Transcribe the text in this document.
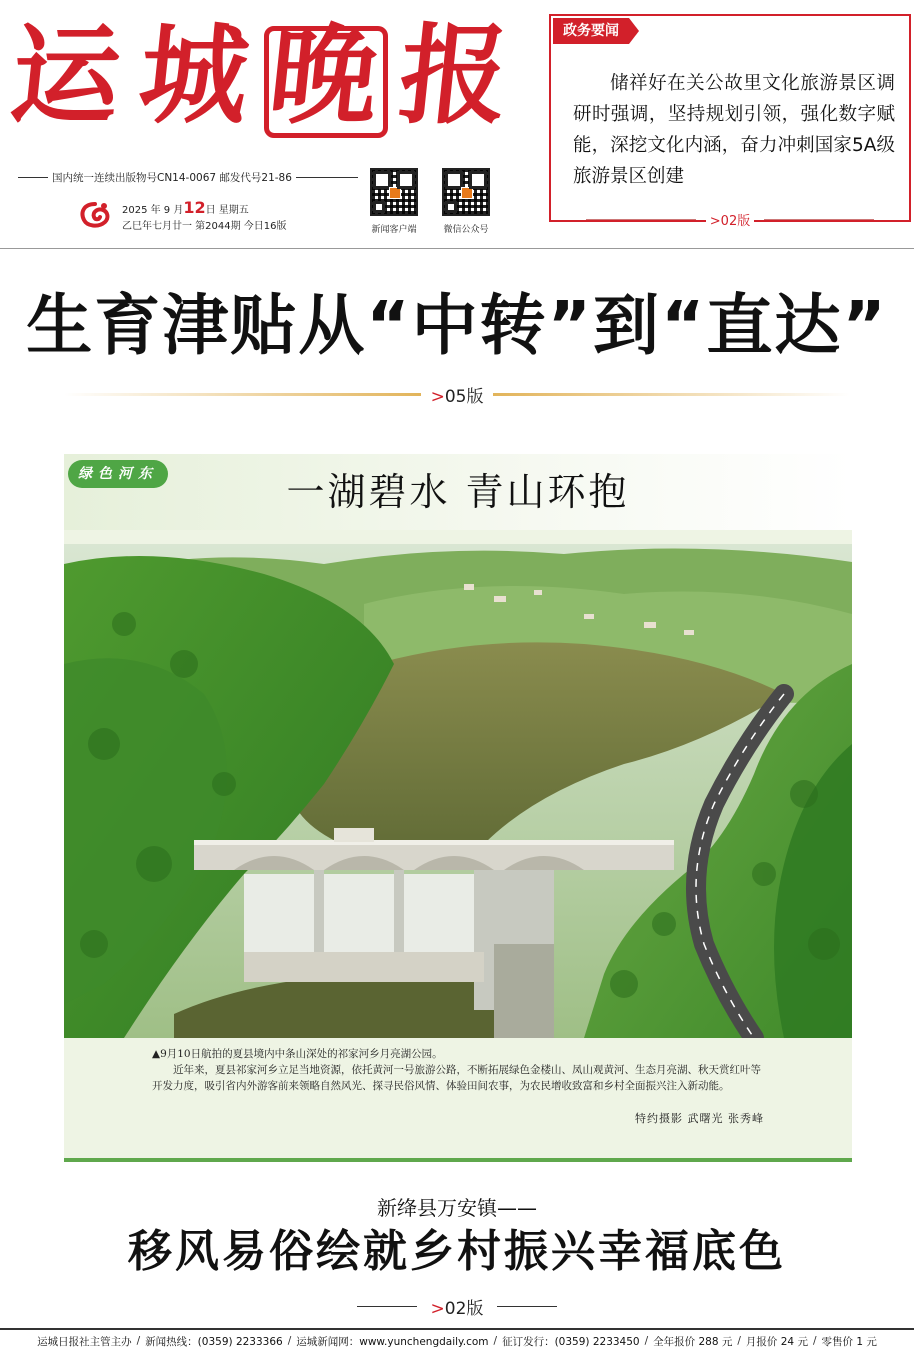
运 城 晚 报
国内统一连续出版物号CN14-0067 邮发代号21-86
2025 年 9 月12日 星期五
乙巳年七月廿一 第2044期 今日16版	新闻客户端	微信公众号
政务要闻
储祥好在关公故里文化旅游景区调研时强调，坚持规划引领，强化数字赋能，深挖文化内涵，奋力冲刺国家5A级旅游景区创建
>02版
生育津贴从“中转”到“直达”
>05版
绿色河东	一湖碧水 青山环抱
▲9月10日航拍的夏县境内中条山深处的祁家河乡月亮湖公园。
近年来，夏县祁家河乡立足当地资源，依托黄河一号旅游公路，不断拓展绿色金楼山、凤山观黄河、生态月亮湖、秋天赏红叶等开发力度，吸引省内外游客前来领略自然风光、探寻民俗风情、体验田间农事，为农民增收致富和乡村全面振兴注入新动能。
特约摄影 武曙光 张秀峰
新绛县万安镇——
移风易俗绘就乡村振兴幸福底色
>02版
运城日报社主管主办 / 新闻热线：(0359) 2233366 / 运城新闻网：www.yunchengdaily.com / 征订发行：(0359) 2233450 / 全年报价 288 元 / 月报价 24 元 / 零售价 1 元
